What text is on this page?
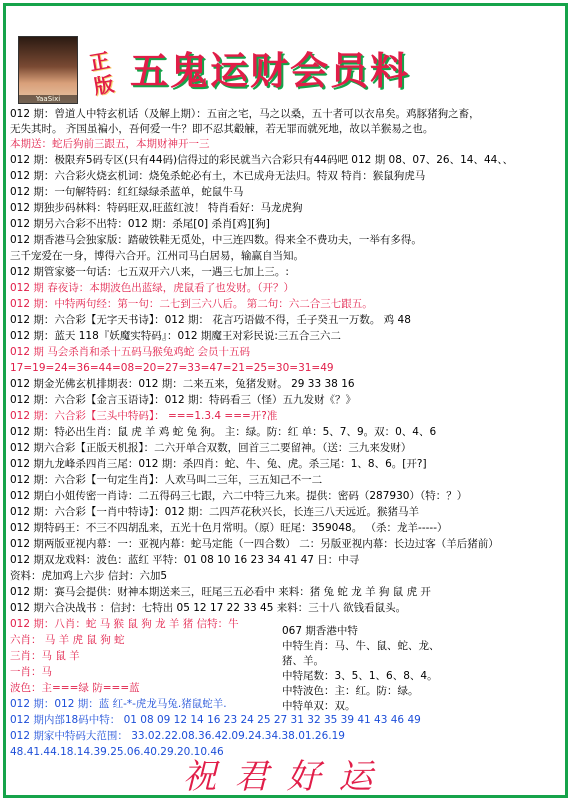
YaaSixi
正版 五鬼运财会员料
012 期：曾道人中特玄机话（及解上期）：五亩之宅，马之以桑，五十者可以衣帛矣。鸡豚猪狗之畜，
无失其时。 齐国虽褊小，吾何爱一牛？即不忍其觳觫，若无罪而就死地，故以羊猴易之也。
本期送：蛇后狗前三跟五，本期财神开一三
012 期：极限弃5码专区(只有44码)信得过的彩民就当六合彩只有44码吧 012 期 08、07、26、14、44、、
012 期：六合彩火烧玄机词：烧兔杀蛇必有土，木已成舟无法归。特双 特肖：猴鼠狗虎马
012 期：一句解特码：红红绿绿杀蓝单，蛇鼠牛马
012 期独步码林料：特码旺双,旺蓝红波！ 特肖看好：马龙虎狗
012 期另六合彩不出特：012 期：杀尾[0] 杀肖[鸡][狗]
012 期香港马会独家版：踏破铁鞋无觅处，中三连四数。得来全不费功夫，一举有多得。
三千宠爱在一身，博得六合开。江州司马白居易，输赢自当知。
012 期管家婆一句话：七五双开六八来，一遇三七加上三。:
012 期 春夜诗：本期波色出蓝绿，虎鼠看了也发财。（开？）
012 期：中特两句经：第一句：二七到三六八后。 第二句：六二合三七跟五。
012 期：六合彩【无字天书诗】：012 期： 花言巧语做不得，壬子癸丑一万数。 鸡 48
012 期：蓝天 118『妖魔实特码』：012 期魔王对彩民说:三五合三六二
012 期 马会杀肖和杀十五码马猴兔鸡蛇 会员十五码
17=19=24=36=44=08=20=27=33=47=21=25=30=31=49
012 期金光佛玄机排期表：012 期：二来五来，兔猪发财。 29 33 38 16
012 期：六合彩【金言玉语诗】：012 期：特码看三（怪）五九发财《？》
012 期：六合彩【三头中特码】： ===1.3.4 ===开?准
012 期：特必出生肖：鼠 虎 羊 鸡 蛇 兔 狗。 主：绿。防：红 单：5、7、9。双：0、4、6
012 期六合彩【正版天机报】：二六开单合双数，回首三二要留神。（送：三九来发财）
012 期九龙峰杀四肖三尾：012 期：杀四肖：蛇、牛、兔、虎。杀三尾：1、8、6。[开?]
012 期：六合彩【一句定生肖】：人欢马叫二三年，三五知己不一二
012 期白小姐传密一肖诗：二五得码三七跟，六二中特三九来。提供：密码（287930）（特：？）
012 期：六合彩【一肖中特诗】：012 期：二四芦花秋兴长，长连三八天远近。猴猪马羊
012 期特码王：不三不四胡乱来，五光十色月常明。（原）旺尾：359048。 （杀：龙羊-----）
012 期两版亚视内幕：一：亚视内幕：蛇马定能（一四合数） 二：另版亚视内幕：长边过客（羊后猪前）
012 期双龙戏料：波色：蓝红 平特：01 08 10 16 23 34 41 47 日：中寻
资料：虎加鸡上六步 信封：六加5
012 期：赛马会提供：财神本期送来三，旺尾三五必看中 来料：猪 兔 蛇 龙 羊 狗 鼠 虎 开
012 期六合决战书 ：信封：七特出 05 12 17 22 33 45 来料：三十八 欲钱看鼠头。
012 期：八肖：蛇 马 猴 鼠 狗 龙 羊 猪 信特：牛
六肖： 马 羊 虎 鼠 狗 蛇
三肖：马 鼠 羊
一肖：马
波色：主===绿 防===蓝
012 期：012 期：蓝 红-*-虎龙马兔.猪鼠蛇羊.
012 期内部18码中特： 01 08 09 12 14 16 23 24 25 27 31 32 35 39 41 43 46 49
012 期家中特码大范围： 33.02.22.08.36.42.09.24.34.38.01.26.19
48.41.44.18.14.39.25.06.40.29.20.10.46
067 期香港中特
中特生肖：马、牛、鼠、蛇、龙、猪、羊。
中特尾数：3、5、1、6、8、4。
中特波色：主：红。防：绿。
中特单双：双。
祝君好运
